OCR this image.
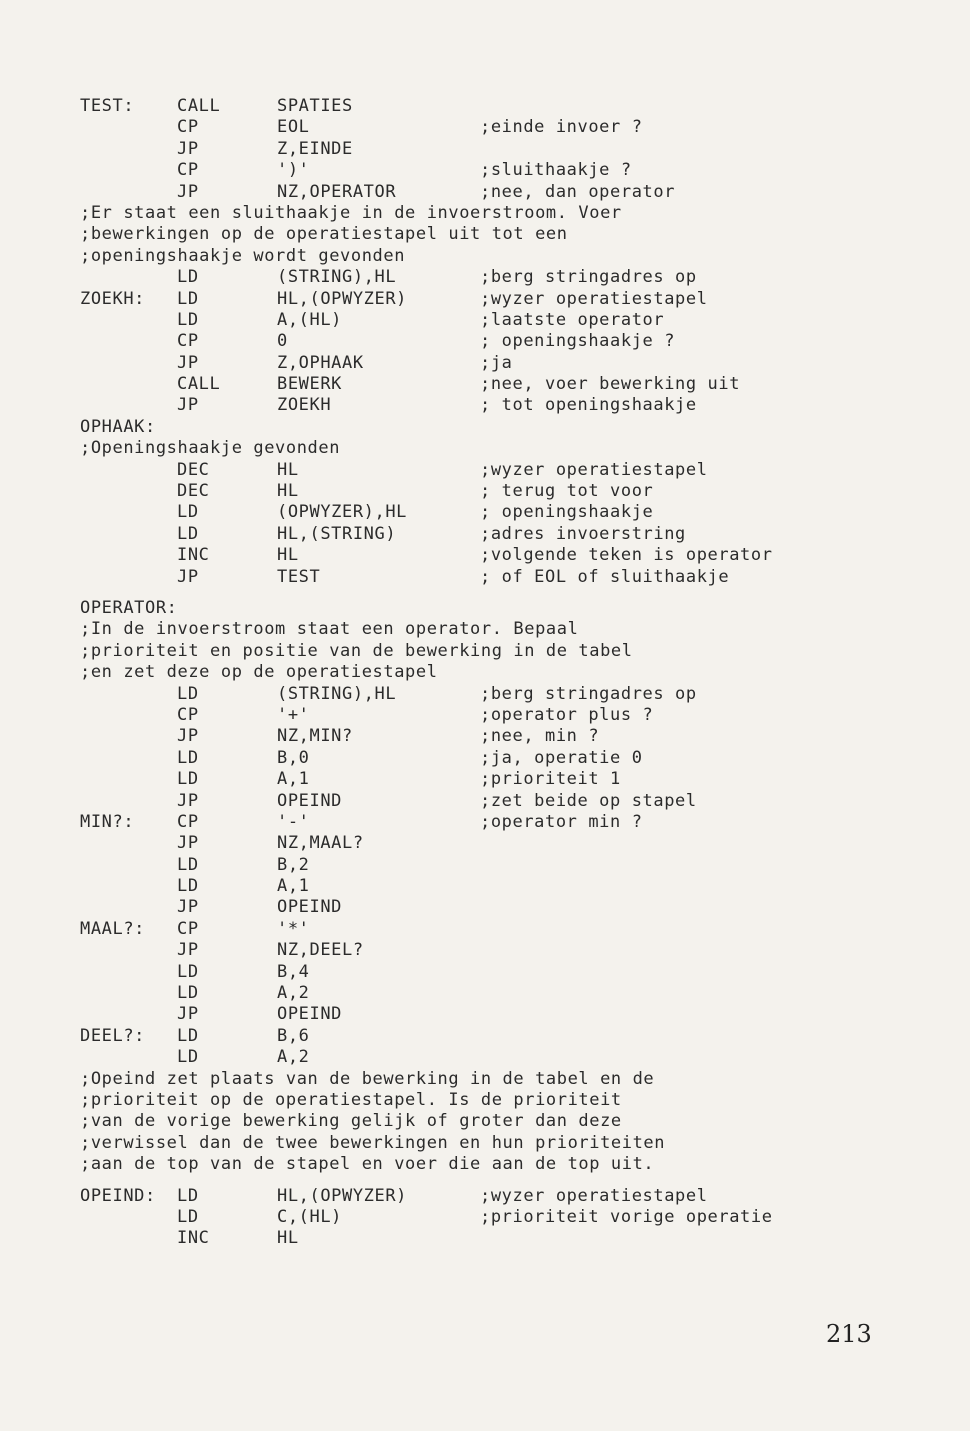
TEST:	CALL	SPATIES
CP	EOL	;einde invoer ?
JP	Z,EINDE
CP	')'	;sluithaakje ?
JP	NZ,OPERATOR	;nee, dan operator
;Er staat een sluithaakje in de invoerstroom. Voer
;bewerkingen op de operatiestapel uit tot een
;openingshaakje wordt gevonden
LD	(STRING),HL	;berg stringadres op
ZOEKH: LD	HL,(OPWYZER)	;wyzer operatiestapel
LD	A,(HL)	;laatste operator
CP	0	; openingshaakje ?
JP	Z,OPHAAK	;ja
CALL	BEWERK	;nee, voer bewerking uit
JP	ZOEKH	; tot openingshaakje
OPHAAK:
;Openingshaakje gevonden
DEC	HL	;wyzer operatiestapel
DEC	HL	; terug tot voor
LD	(OPWYZER),HL	; openingshaakje
LD	HL,(STRING)	;adres invoerstring
INC	HL	;volgende teken is operator
JP	TEST	; of EOL of sluithaakje
OPERATOR:
;In de invoerstroom staat een operator. Bepaal
;prioriteit en positie van de bewerking in de tabel
;en zet deze op de operatiestapel
LD	(STRING),HL	;berg stringadres op
CP	'+'	;operator plus ?
JP	NZ,MIN?	;nee, min ?
LD	B,0	;ja, operatie 0
LD	A,1	;prioriteit 1
JP	OPEIND	;zet beide op stapel
MIN?:	CP	'-'	;operator min ?
JP	NZ,MAAL?
LD	B,2
LD	A,1
JP	OPEIND
MAAL?: CP	'*'
JP	NZ,DEEL?
LD	B,4
LD	A,2
JP	OPEIND
DEEL?: LD	B,6
LD	A,2
;Opeind zet plaats van de bewerking in de tabel en de
;prioriteit op de operatiestapel. Is de prioriteit
;van de vorige bewerking gelijk of groter dan deze
;verwissel dan de twee bewerkingen en hun prioriteiten
;aan de top van de stapel en voer die aan de top uit.
OPEIND: LD	HL,(OPWYZER)	;wyzer operatiestapel
LD	C,(HL)	;prioriteit vorige operatie
INC	HL
213
